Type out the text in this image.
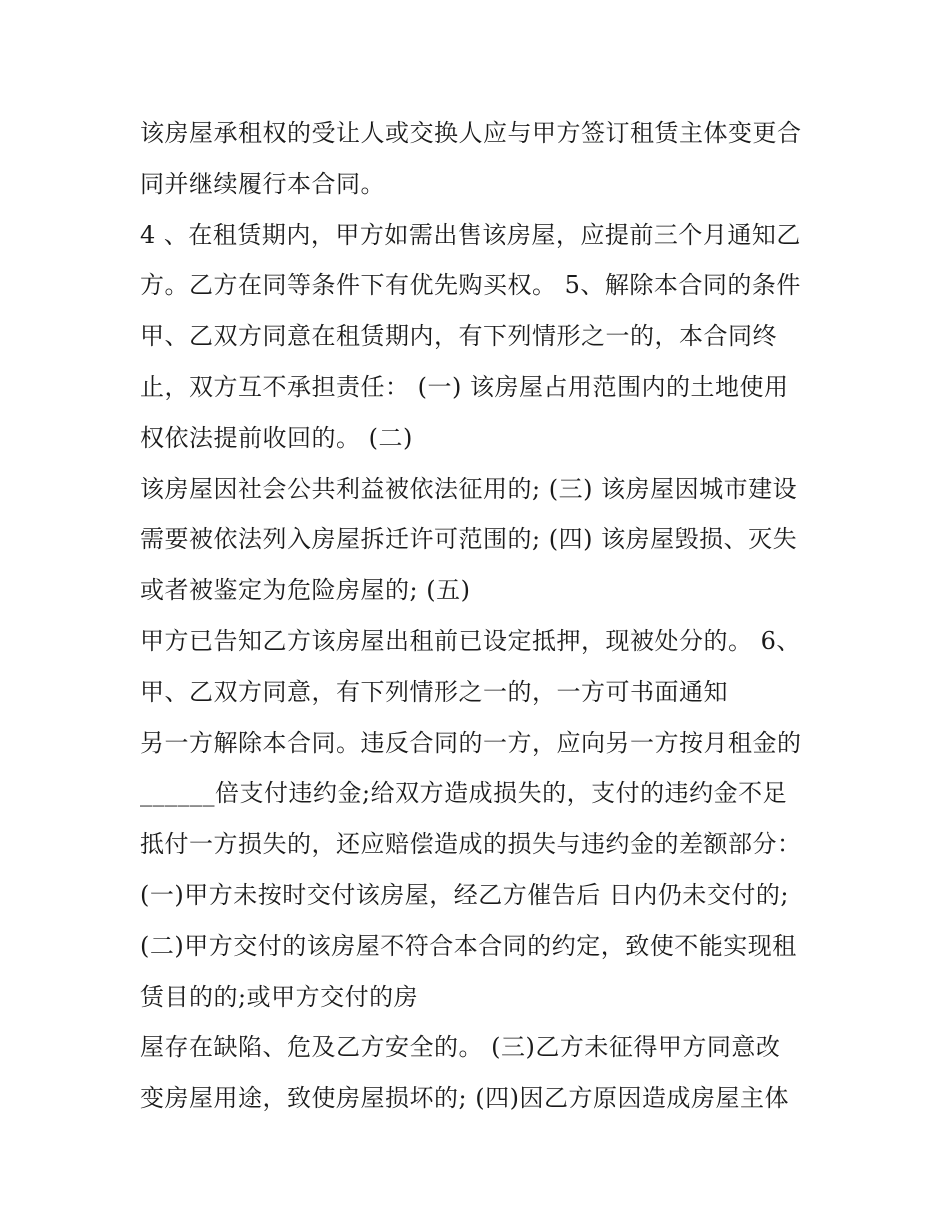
该房屋承租权的受让人或交换人应与甲方签订租赁主体变更合
同并继续履行本合同。
4 、在租赁期内，甲方如需出售该房屋，应提前三个月通知乙
方。乙方在同等条件下有优先购买权。 5、解除本合同的条件
甲、乙双方同意在租赁期内，有下列情形之一的，本合同终
止，双方互不承担责任： (一) 该房屋占用范围内的土地使用
权依法提前收回的。 (二)
该房屋因社会公共利益被依法征用的; (三) 该房屋因城市建设
需要被依法列入房屋拆迁许可范围的; (四) 该房屋毁损、灭失
或者被鉴定为危险房屋的; (五)
甲方已告知乙方该房屋出租前已设定抵押，现被处分的。 6、
甲、乙双方同意，有下列情形之一的，一方可书面通知
另一方解除本合同。违反合同的一方，应向另一方按月租金的
______倍支付违约金;给双方造成损失的，支付的违约金不足
抵付一方损失的，还应赔偿造成的损失与违约金的差额部分：
(一)甲方未按时交付该房屋，经乙方催告后 日内仍未交付的;
(二)甲方交付的该房屋不符合本合同的约定，致使不能实现租
赁目的的;或甲方交付的房
屋存在缺陷、危及乙方安全的。 (三)乙方未征得甲方同意改
变房屋用途，致使房屋损坏的; (四)因乙方原因造成房屋主体
